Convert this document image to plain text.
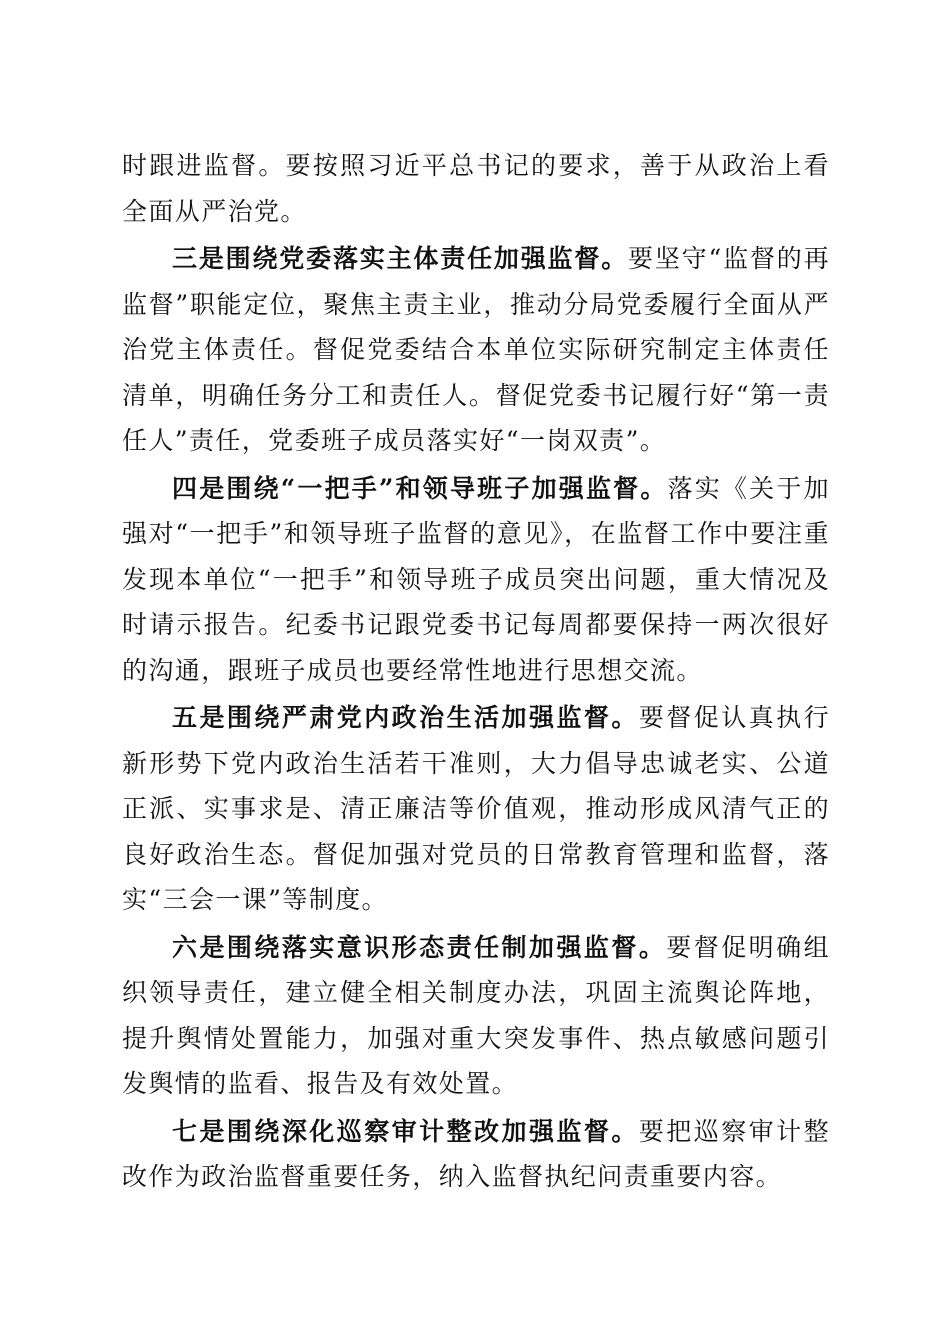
时跟进监督。要按照习近平总书记的要求，善于从政治上看全面从严治党。

三是围绕党委落实主体责任加强监督。要坚守“监督的再监督”职能定位，聚焦主责主业，推动分局党委履行全面从严治党主体责任。督促党委结合本单位实际研究制定主体责任清单，明确任务分工和责任人。督促党委书记履行好“第一责任人”责任，党委班子成员落实好“一岗双责”。

四是围绕“一把手”和领导班子加强监督。落实《关于加强对“一把手”和领导班子监督的意见》，在监督工作中要注重发现本单位“一把手”和领导班子成员突出问题，重大情况及时请示报告。纪委书记跟党委书记每周都要保持一两次很好的沟通，跟班子成员也要经常性地进行思想交流。

五是围绕严肃党内政治生活加强监督。要督促认真执行新形势下党内政治生活若干准则，大力倡导忠诚老实、公道正派、实事求是、清正廉洁等价值观，推动形成风清气正的良好政治生态。督促加强对党员的日常教育管理和监督，落实“三会一课”等制度。

六是围绕落实意识形态责任制加强监督。要督促明确组织领导责任，建立健全相关制度办法，巩固主流舆论阵地，提升舆情处置能力，加强对重大突发事件、热点敏感问题引发舆情的监看、报告及有效处置。

七是围绕深化巡察审计整改加强监督。要把巡察审计整改作为政治监督重要任务，纳入监督执纪问责重要内容。
